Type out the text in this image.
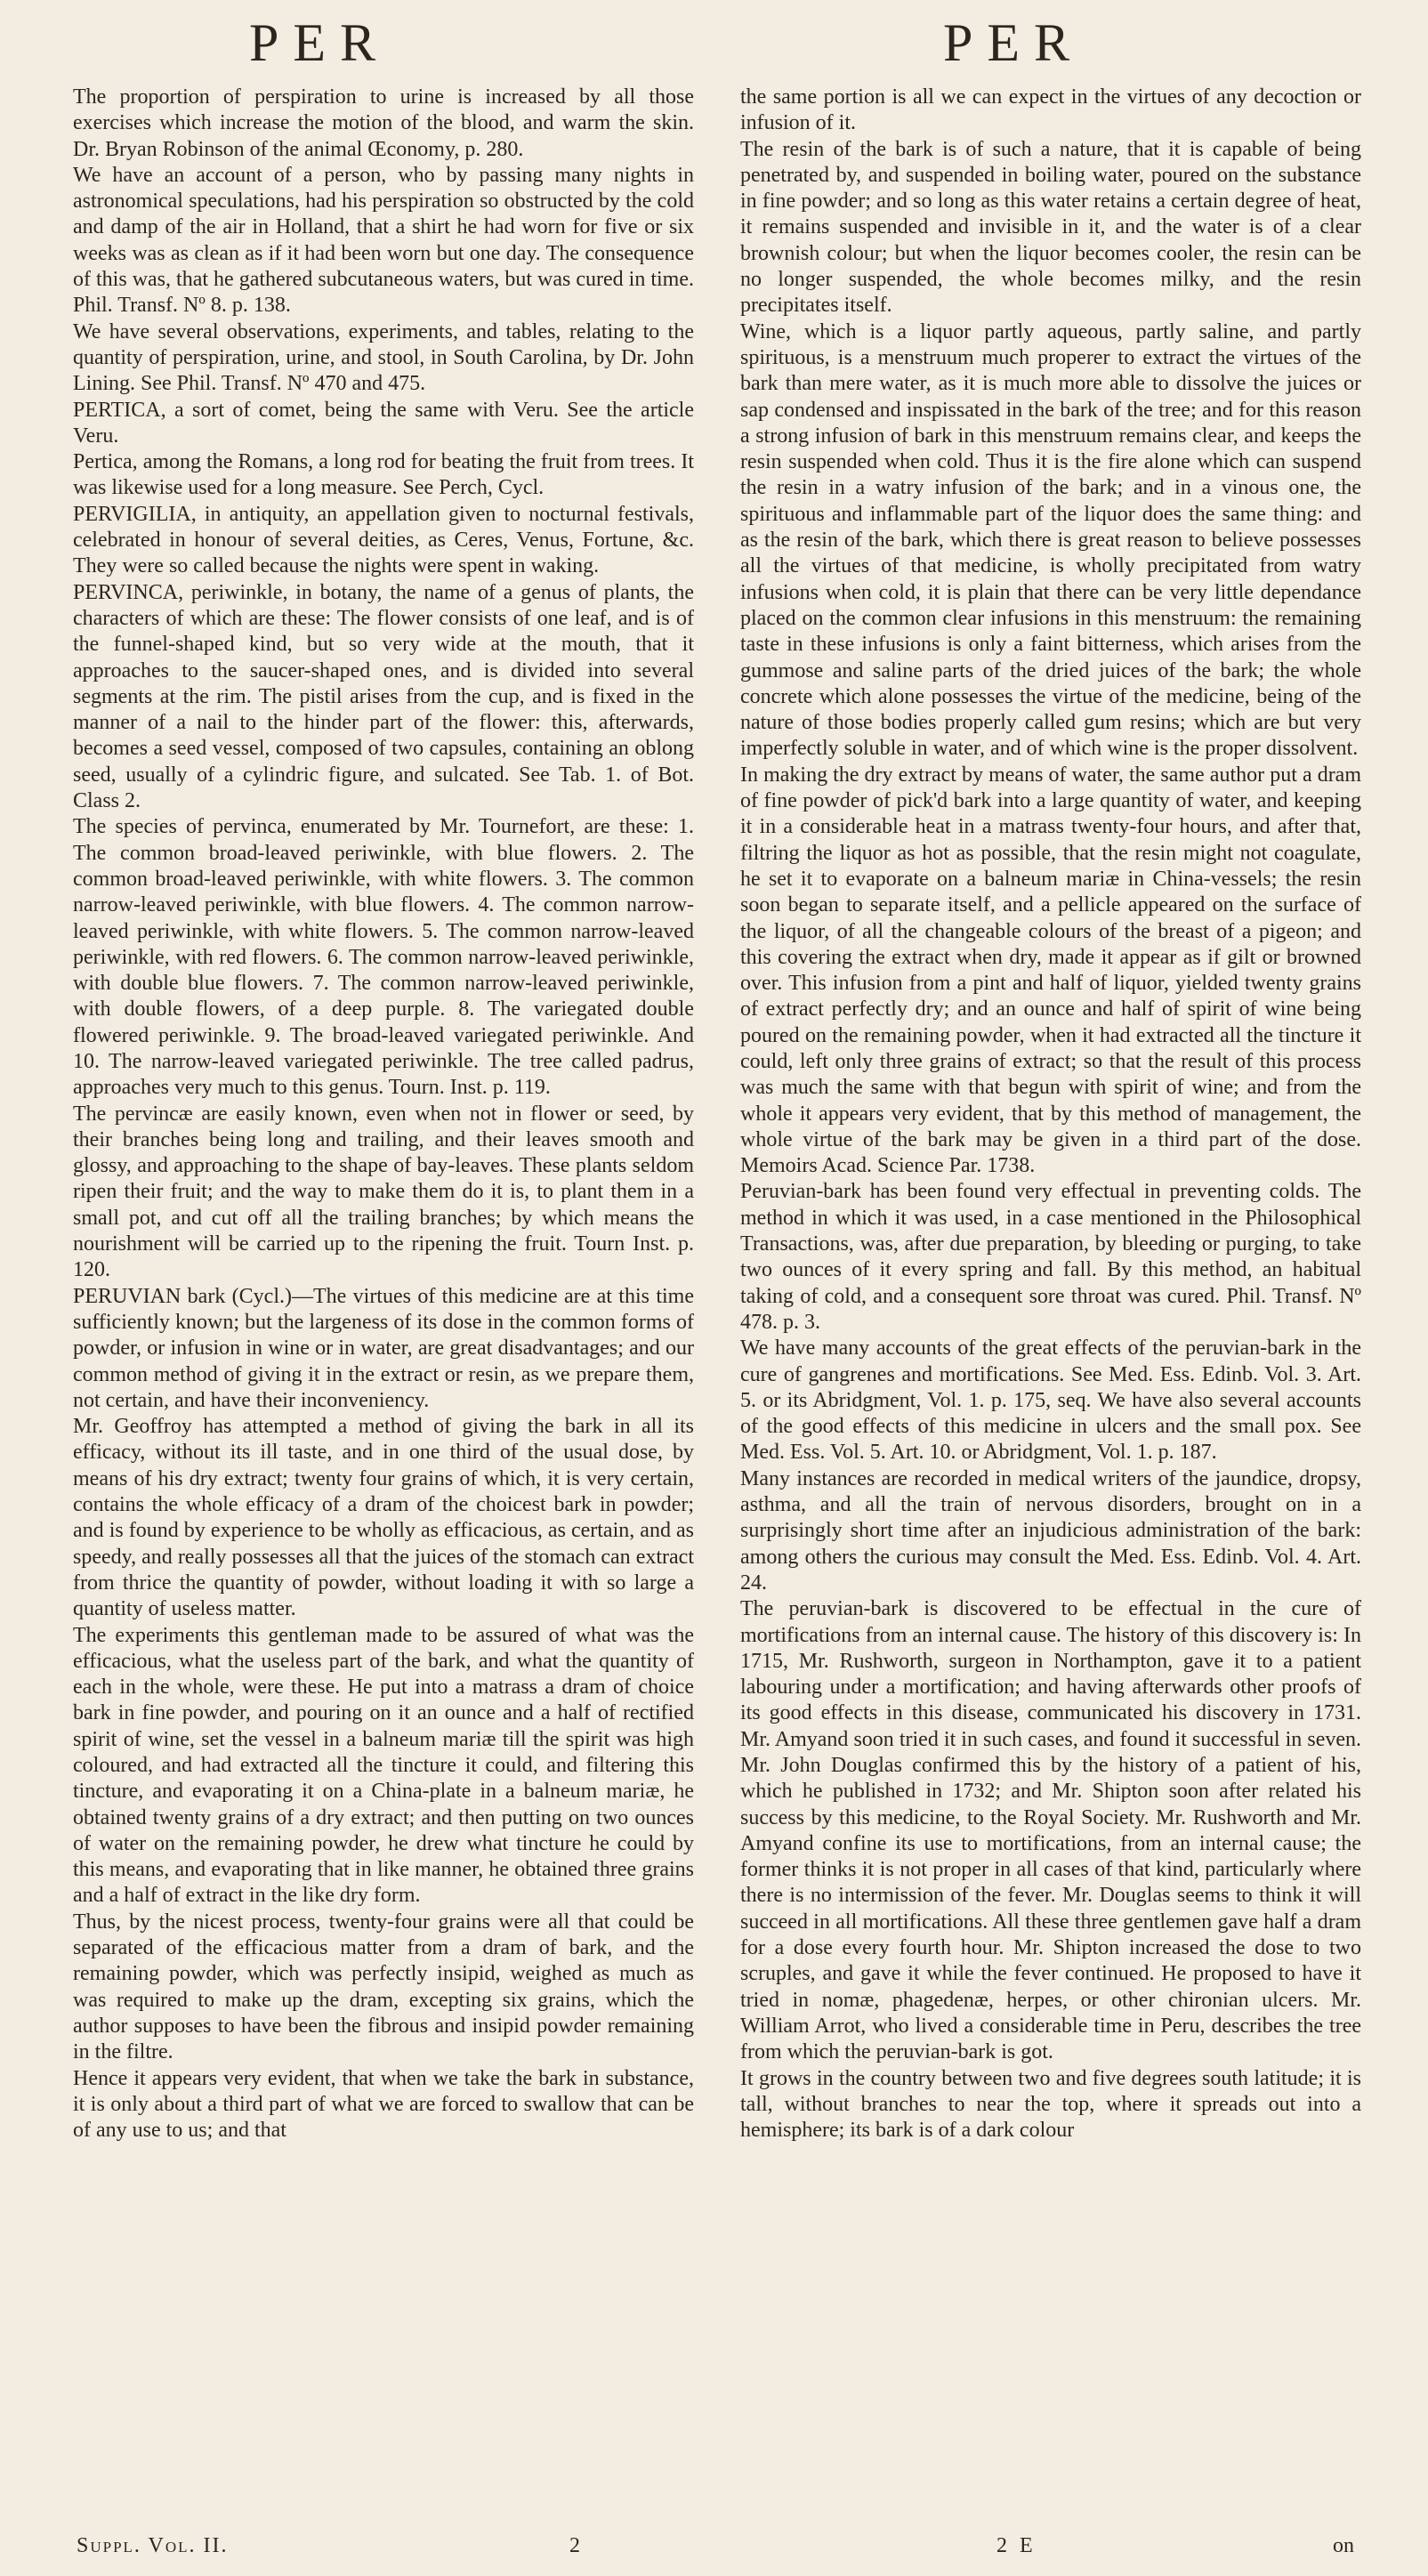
PER	PER

The proportion of perspiration to urine is increased by all those exercises which increase the motion of the blood, and warm the skin. Dr. Bryan Robinson of the animal Œconomy, p. 280.

We have an account of a person, who by passing many nights in astronomical speculations, had his perspiration so obstructed by the cold and damp of the air in Holland, that a shirt he had worn for five or six weeks was as clean as if it had been worn but one day. The consequence of this was, that he gathered subcutaneous waters, but was cured in time. Phil. Transf. Nº 8. p. 138.

We have several observations, experiments, and tables, relating to the quantity of perspiration, urine, and stool, in South Carolina, by Dr. John Lining. See Phil. Transf. Nº 470 and 475.

PERTICA, a sort of comet, being the same with Veru. See the article Veru.

Pertica, among the Romans, a long rod for beating the fruit from trees. It was likewise used for a long measure. See Perch, Cycl.

PERVIGILIA, in antiquity, an appellation given to nocturnal festivals, celebrated in honour of several deities, as Ceres, Venus, Fortune, &c. They were so called because the nights were spent in waking.

PERVINCA, periwinkle, in botany, the name of a genus of plants, the characters of which are these: The flower consists of one leaf, and is of the funnel-shaped kind, but so very wide at the mouth, that it approaches to the saucer-shaped ones, and is divided into several segments at the rim. The pistil arises from the cup, and is fixed in the manner of a nail to the hinder part of the flower: this, afterwards, becomes a seed vessel, composed of two capsules, containing an oblong seed, usually of a cylindric figure, and sulcated. See Tab. 1. of Bot. Class 2.

The species of pervinca, enumerated by Mr. Tournefort, are these: 1. The common broad-leaved periwinkle, with blue flowers. 2. The common broad-leaved periwinkle, with white flowers. 3. The common narrow-leaved periwinkle, with blue flowers. 4. The common narrow-leaved periwinkle, with white flowers. 5. The common narrow-leaved periwinkle, with red flowers. 6. The common narrow-leaved periwinkle, with double blue flowers. 7. The common narrow-leaved periwinkle, with double flowers, of a deep purple. 8. The variegated double flowered periwinkle. 9. The broad-leaved variegated periwinkle. And 10. The narrow-leaved variegated periwinkle. The tree called padrus, approaches very much to this genus. Tourn. Inst. p. 119.

The pervincæ are easily known, even when not in flower or seed, by their branches being long and trailing, and their leaves smooth and glossy, and approaching to the shape of bay-leaves. These plants seldom ripen their fruit; and the way to make them do it is, to plant them in a small pot, and cut off all the trailing branches; by which means the nourishment will be carried up to the ripening the fruit. Tourn Inst. p. 120.

PERUVIAN bark (Cycl.)—The virtues of this medicine are at this time sufficiently known; but the largeness of its dose in the common forms of powder, or infusion in wine or in water, are great disadvantages; and our common method of giving it in the extract or resin, as we prepare them, not certain, and have their inconveniency.

Mr. Geoffroy has attempted a method of giving the bark in all its efficacy, without its ill taste, and in one third of the usual dose, by means of his dry extract; twenty four grains of which, it is very certain, contains the whole efficacy of a dram of the choicest bark in powder; and is found by experience to be wholly as efficacious, as certain, and as speedy, and really possesses all that the juices of the stomach can extract from thrice the quantity of powder, without loading it with so large a quantity of useless matter.

The experiments this gentleman made to be assured of what was the efficacious, what the useless part of the bark, and what the quantity of each in the whole, were these. He put into a matrass a dram of choice bark in fine powder, and pouring on it an ounce and a half of rectified spirit of wine, set the vessel in a balneum mariæ till the spirit was high coloured, and had extracted all the tincture it could, and filtering this tincture, and evaporating it on a China-plate in a balneum mariæ, he obtained twenty grains of a dry extract; and then putting on two ounces of water on the remaining powder, he drew what tincture he could by this means, and evaporating that in like manner, he obtained three grains and a half of extract in the like dry form.

Thus, by the nicest process, twenty-four grains were all that could be separated of the efficacious matter from a dram of bark, and the remaining powder, which was perfectly insipid, weighed as much as was required to make up the dram, excepting six grains, which the author supposes to have been the fibrous and insipid powder remaining in the filtre.

Hence it appears very evident, that when we take the bark in substance, it is only about a third part of what we are forced to swallow that can be of any use to us; and that

the same portion is all we can expect in the virtues of any decoction or infusion of it.

The resin of the bark is of such a nature, that it is capable of being penetrated by, and suspended in boiling water, poured on the substance in fine powder; and so long as this water retains a certain degree of heat, it remains suspended and invisible in it, and the water is of a clear brownish colour; but when the liquor becomes cooler, the resin can be no longer suspended, the whole becomes milky, and the resin precipitates itself.

Wine, which is a liquor partly aqueous, partly saline, and partly spirituous, is a menstruum much properer to extract the virtues of the bark than mere water, as it is much more able to dissolve the juices or sap condensed and inspissated in the bark of the tree; and for this reason a strong infusion of bark in this menstruum remains clear, and keeps the resin suspended when cold. Thus it is the fire alone which can suspend the resin in a watry infusion of the bark; and in a vinous one, the spirituous and inflammable part of the liquor does the same thing: and as the resin of the bark, which there is great reason to believe possesses all the virtues of that medicine, is wholly precipitated from watry infusions when cold, it is plain that there can be very little dependance placed on the common clear infusions in this menstruum: the remaining taste in these infusions is only a faint bitterness, which arises from the gummose and saline parts of the dried juices of the bark; the whole concrete which alone possesses the virtue of the medicine, being of the nature of those bodies properly called gum resins; which are but very imperfectly soluble in water, and of which wine is the proper dissolvent.

In making the dry extract by means of water, the same author put a dram of fine powder of pick'd bark into a large quantity of water, and keeping it in a considerable heat in a matrass twenty-four hours, and after that, filtring the liquor as hot as possible, that the resin might not coagulate, he set it to evaporate on a balneum mariæ in China-vessels; the resin soon began to separate itself, and a pellicle appeared on the surface of the liquor, of all the changeable colours of the breast of a pigeon; and this covering the extract when dry, made it appear as if gilt or browned over. This infusion from a pint and half of liquor, yielded twenty grains of extract perfectly dry; and an ounce and half of spirit of wine being poured on the remaining powder, when it had extracted all the tincture it could, left only three grains of extract; so that the result of this process was much the same with that begun with spirit of wine; and from the whole it appears very evident, that by this method of management, the whole virtue of the bark may be given in a third part of the dose. Memoirs Acad. Science Par. 1738.

Peruvian-bark has been found very effectual in preventing colds. The method in which it was used, in a case mentioned in the Philosophical Transactions, was, after due preparation, by bleeding or purging, to take two ounces of it every spring and fall. By this method, an habitual taking of cold, and a consequent sore throat was cured. Phil. Transf. Nº 478. p. 3.

We have many accounts of the great effects of the peruvian-bark in the cure of gangrenes and mortifications. See Med. Ess. Edinb. Vol. 3. Art. 5. or its Abridgment, Vol. 1. p. 175, seq. We have also several accounts of the good effects of this medicine in ulcers and the small pox. See Med. Ess. Vol. 5. Art. 10. or Abridgment, Vol. 1. p. 187.

Many instances are recorded in medical writers of the jaundice, dropsy, asthma, and all the train of nervous disorders, brought on in a surprisingly short time after an injudicious administration of the bark: among others the curious may consult the Med. Ess. Edinb. Vol. 4. Art. 24.

The peruvian-bark is discovered to be effectual in the cure of mortifications from an internal cause. The history of this discovery is: In 1715, Mr. Rushworth, surgeon in Northampton, gave it to a patient labouring under a mortification; and having afterwards other proofs of its good effects in this disease, communicated his discovery in 1731. Mr. Amyand soon tried it in such cases, and found it successful in seven. Mr. John Douglas confirmed this by the history of a patient of his, which he published in 1732; and Mr. Shipton soon after related his success by this medicine, to the Royal Society. Mr. Rushworth and Mr. Amyand confine its use to mortifications, from an internal cause; the former thinks it is not proper in all cases of that kind, particularly where there is no intermission of the fever. Mr. Douglas seems to think it will succeed in all mortifications. All these three gentlemen gave half a dram for a dose every fourth hour. Mr. Shipton increased the dose to two scruples, and gave it while the fever continued. He proposed to have it tried in nomæ, phagedenæ, herpes, or other chironian ulcers. Mr. William Arrot, who lived a considerable time in Peru, describes the tree from which the peruvian-bark is got.

It grows in the country between two and five degrees south latitude; it is tall, without branches to near the top, where it spreads out into a hemisphere; its bark is of a dark colour

Suppl. Vol. II.	2	2 E	on
